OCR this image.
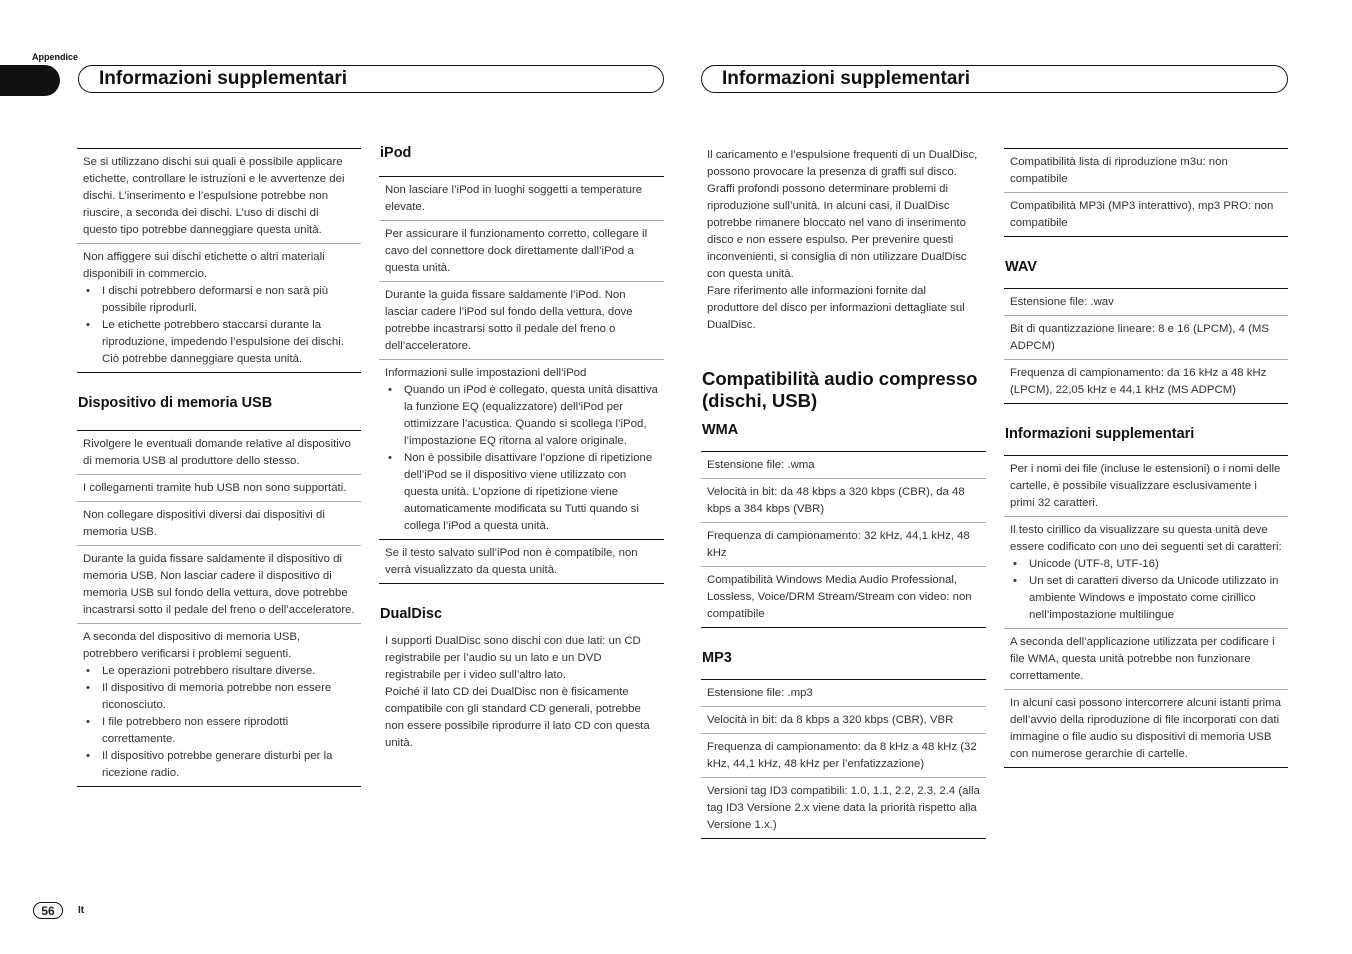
Appendice
Informazioni supplementari	Informazioni supplementari
Se si utilizzano dischi sui quali è possibile applicare etichette, controllare le istruzioni e le avvertenze dei dischi. L’inserimento e l’espulsione potrebbe non riuscire, a seconda dei dischi. L’uso di dischi di questo tipo potrebbe danneggiare questa unità.
Non affiggere sui dischi etichette o altri materiali disponibili in commercio.
• I dischi potrebbero deformarsi e non sarà più possibile riprodurli.
• Le etichette potrebbero staccarsi durante la riproduzione, impedendo l’espulsione dei dischi. Ciò potrebbe danneggiare questa unità.
Dispositivo di memoria USB
Rivolgere le eventuali domande relative al dispositivo di memoria USB al produttore dello stesso.
I collegamenti tramite hub USB non sono supportati.
Non collegare dispositivi diversi dai dispositivi di memoria USB.
Durante la guida fissare saldamente il dispositivo di memoria USB. Non lasciar cadere il dispositivo di memoria USB sul fondo della vettura, dove potrebbe incastrarsi sotto il pedale del freno o dell’acceleratore.
A seconda del dispositivo di memoria USB, potrebbero verificarsi i problemi seguenti.
• Le operazioni potrebbero risultare diverse.
• Il dispositivo di memoria potrebbe non essere riconosciuto.
• I file potrebbero non essere riprodotti correttamente.
• Il dispositivo potrebbe generare disturbi per la ricezione radio.
iPod
Non lasciare l’iPod in luoghi soggetti a temperature elevate.
Per assicurare il funzionamento corretto, collegare il cavo del connettore dock direttamente dall’iPod a questa unità.
Durante la guida fissare saldamente l’iPod. Non lasciar cadere l’iPod sul fondo della vettura, dove potrebbe incastrarsi sotto il pedale del freno o dell’acceleratore.
Informazioni sulle impostazioni dell’iPod
• Quando un iPod è collegato, questa unità disattiva la funzione EQ (equalizzatore) dell’iPod per ottimizzare l’acustica. Quando si scollega l’iPod, l’impostazione EQ ritorna al valore originale.
• Non è possibile disattivare l’opzione di ripetizione dell’iPod se il dispositivo viene utilizzato con questa unità. L’opzione di ripetizione viene automaticamente modificata su Tutti quando si collega l’iPod a questa unità.
Se il testo salvato sull’iPod non è compatibile, non verrà visualizzato da questa unità.
DualDisc
I supporti DualDisc sono dischi con due lati: un CD registrabile per l’audio su un lato e un DVD registrabile per i video sull’altro lato.
Poiché il lato CD dei DualDisc non è fisicamente compatibile con gli standard CD generali, potrebbe non essere possibile riprodurre il lato CD con questa unità.
Il caricamento e l’espulsione frequenti di un DualDisc, possono provocare la presenza di graffi sul disco. Graffi profondi possono determinare problemi di riproduzione sull’unità. In alcuni casi, il DualDisc potrebbe rimanere bloccato nel vano di inserimento disco e non essere espulso. Per prevenire questi inconvenienti, si consiglia di non utilizzare DualDisc con questa unità.
Fare riferimento alle informazioni fornite dal produttore del disco per informazioni dettagliate sul DualDisc.
Compatibilità audio compresso (dischi, USB)
WMA
Estensione file: .wma
Velocità in bit: da 48 kbps a 320 kbps (CBR), da 48 kbps a 384 kbps (VBR)
Frequenza di campionamento: 32 kHz, 44,1 kHz, 48 kHz
Compatibilità Windows Media Audio Professional, Lossless, Voice/DRM Stream/Stream con video: non compatibile
MP3
Estensione file: .mp3
Velocità in bit: da 8 kbps a 320 kbps (CBR), VBR
Frequenza di campionamento: da 8 kHz a 48 kHz (32 kHz, 44,1 kHz, 48 kHz per l’enfatizzazione)
Versioni tag ID3 compatibili: 1.0, 1.1, 2.2, 2.3, 2.4 (alla tag ID3 Versione 2.x viene data la priorità rispetto alla Versione 1.x.)
Compatibilità lista di riproduzione m3u: non compatibile
Compatibilità MP3i (MP3 interattivo), mp3 PRO: non compatibile
WAV
Estensione file: .wav
Bit di quantizzazione lineare: 8 e 16 (LPCM), 4 (MS ADPCM)
Frequenza di campionamento: da 16 kHz a 48 kHz (LPCM), 22,05 kHz e 44,1 kHz (MS ADPCM)
Informazioni supplementari
Per i nomi dei file (incluse le estensioni) o i nomi delle cartelle, è possibile visualizzare esclusivamente i primi 32 caratteri.
Il testo cirillico da visualizzare su questa unità deve essere codificato con uno dei seguenti set di caratteri:
• Unicode (UTF-8, UTF-16)
• Un set di caratteri diverso da Unicode utilizzato in ambiente Windows e impostato come cirillico nell’impostazione multilingue
A seconda dell’applicazione utilizzata per codificare i file WMA, questa unità potrebbe non funzionare correttamente.
In alcuni casi possono intercorrere alcuni istanti prima dell’avvio della riproduzione di file incorporati con dati immagine o file audio su dispositivi di memoria USB con numerose gerarchie di cartelle.
56	It
